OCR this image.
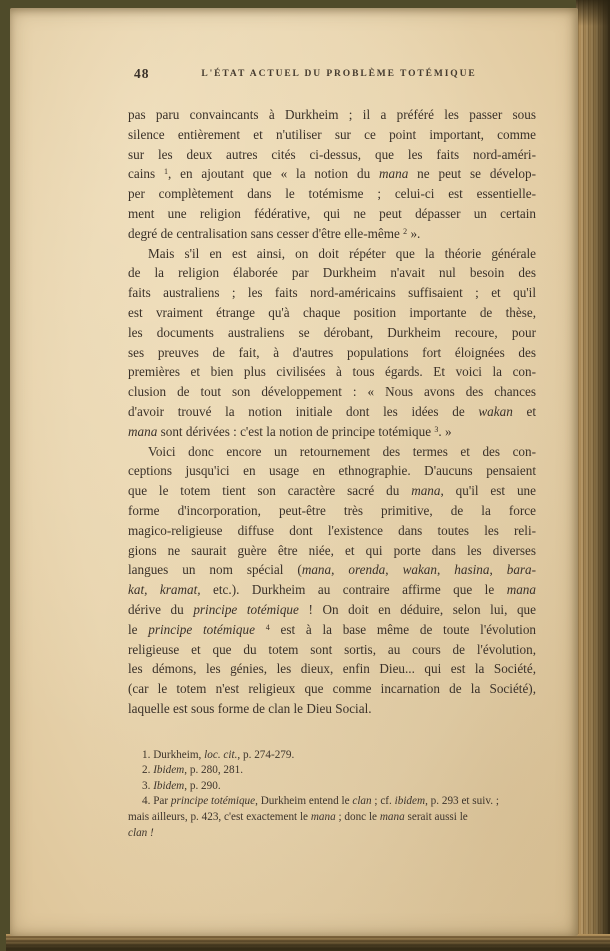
48	L'ÉTAT ACTUEL DU PROBLÈME TOTÉMIQUE
pas paru convaincants à Durkheim ; il a préféré les passer sous
silence entièrement et n'utiliser sur ce point important, comme
sur les deux autres cités ci-dessus, que les faits nord-améri-
cains $^1$, en ajoutant que « la notion du mana ne peut se dévelop-
per complètement dans le totémisme ; celui-ci est essentielle-
ment une religion fédérative, qui ne peut dépasser un certain
degré de centralisation sans cesser d'être elle-même $^2$ ».
Mais s'il en est ainsi, on doit répéter que la théorie générale
de la religion élaborée par Durkheim n'avait nul besoin des
faits australiens ; les faits nord-américains suffisaient ; et qu'il
est vraiment étrange qu'à chaque position importante de thèse,
les documents australiens se dérobant, Durkheim recoure, pour
ses preuves de fait, à d'autres populations fort éloignées des
premières et bien plus civilisées à tous égards. Et voici la con-
clusion de tout son développement : « Nous avons des chances
d'avoir trouvé la notion initiale dont les idées de wakan et
mana sont dérivées : c'est la notion de principe totémique $^3$. »
Voici donc encore un retournement des termes et des con-
ceptions jusqu'ici en usage en ethnographie. D'aucuns pensaient
que le totem tient son caractère sacré du mana, qu'il est une
forme d'incorporation, peut-être très primitive, de la force
magico-religieuse diffuse dont l'existence dans toutes les reli-
gions ne saurait guère être niée, et qui porte dans les diverses
langues un nom spécial (mana, orenda, wakan, hasina, bara-
kat, kramat, etc.). Durkheim au contraire affirme que le mana
dérive du principe totémique ! On doit en déduire, selon lui, que
le principe totémique $^4$ est à la base même de toute l'évolution
religieuse et que du totem sont sortis, au cours de l'évolution,
les démons, les génies, les dieux, enfin Dieu... qui est la Société,
(car le totem n'est religieux que comme incarnation de la Société),
laquelle est sous forme de clan le Dieu Social.
1. Durkheim, loc. cit., p. 274-279.
2. Ibidem, p. 280, 281.
3. Ibidem, p. 290.
4. Par principe totémique, Durkheim entend le clan ; cf. ibidem, p. 293 et suiv. ;
mais ailleurs, p. 423, c'est exactement le mana ; donc le mana serait aussi le
clan !
